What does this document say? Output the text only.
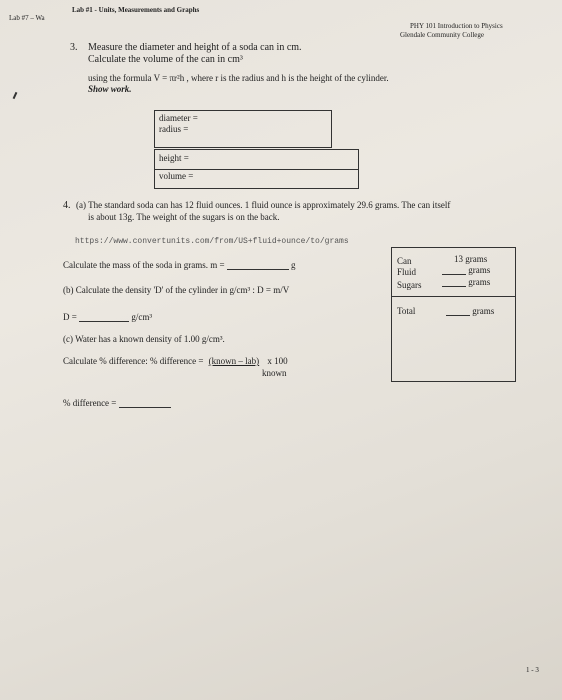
Lab #7 – Wa
Lab #1 - Units, Measurements and Graphs
PHY 101 Introduction to Physics
Glendale Community College
3. Measure the diameter and height of a soda can in cm.
Calculate the volume of the can in cm³
using the formula V = πr²h , where r is the radius and h is the height of the cylinder.
Show work.
diameter =
radius =
height =
volume =
4. (a) The standard soda can has 12 fluid ounces. 1 fluid ounce is approximately 29.6 grams. The can itself
is about 13g. The weight of the sugars is on the back.
https://www.convertunits.com/from/US+fluid+ounce/to/grams
Calculate the mass of the soda in grams. m =	g
(b) Calculate the density 'D' of the cylinder in g/cm³ : D = m/V
D =	g/cm³
(c) Water has a known density of 1.00 g/cm³.
Calculate % difference: % difference = (known – lab) x 100
known
% difference =
Can	13 grams
Fluid	grams
Sugars	grams
Total	grams
1 - 3
